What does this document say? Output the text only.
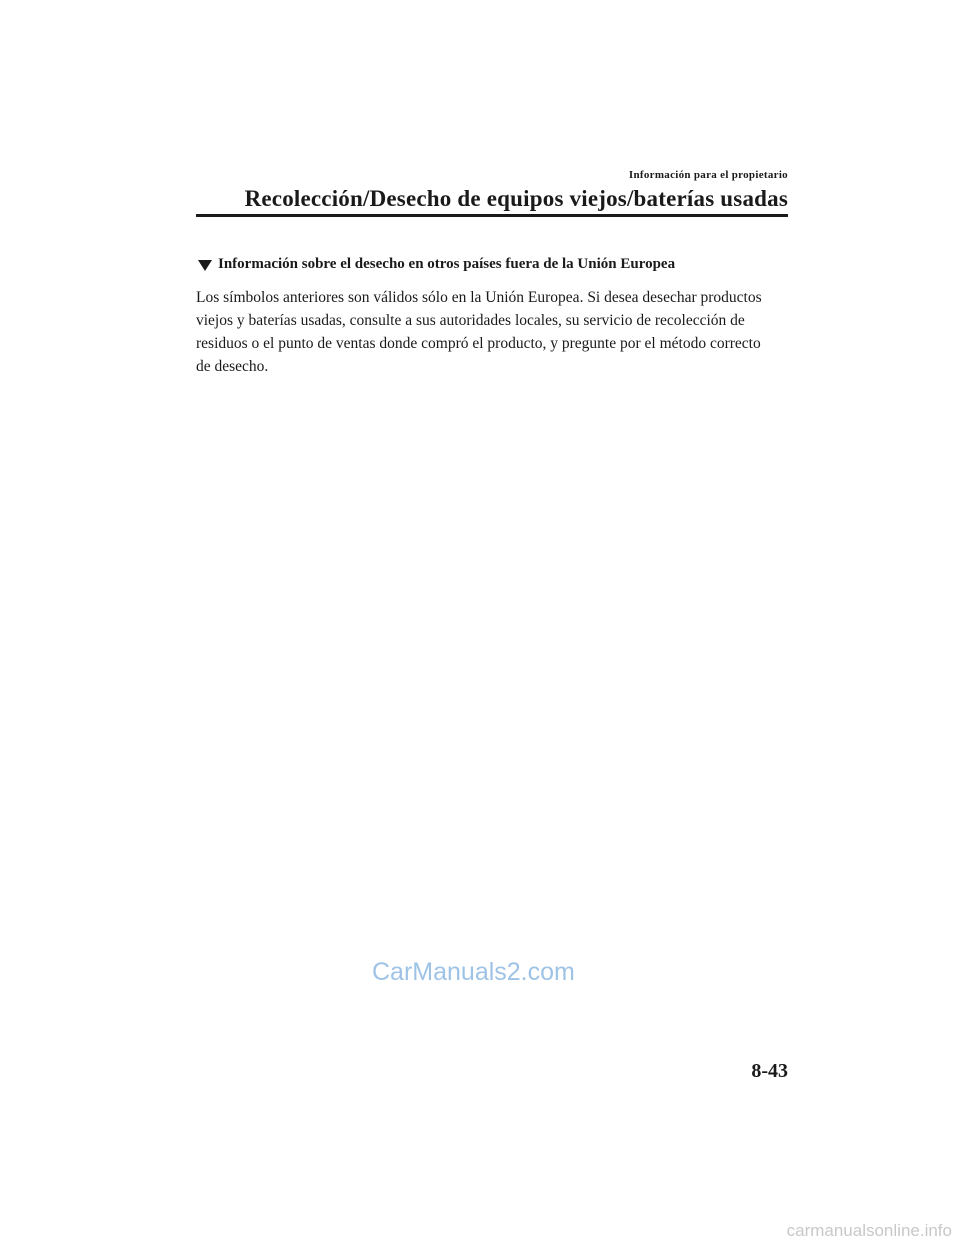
Información para el propietario
Recolección/Desecho de equipos viejos/baterías usadas
Información sobre el desecho en otros países fuera de la Unión Europea
Los símbolos anteriores son válidos sólo en la Unión Europea. Si desea desechar productos
viejos y baterías usadas, consulte a sus autoridades locales, su servicio de recolección de
residuos o el punto de ventas donde compró el producto, y pregunte por el método correcto
de desecho.
CarManuals2.com
8-43
carmanualsonline.info
